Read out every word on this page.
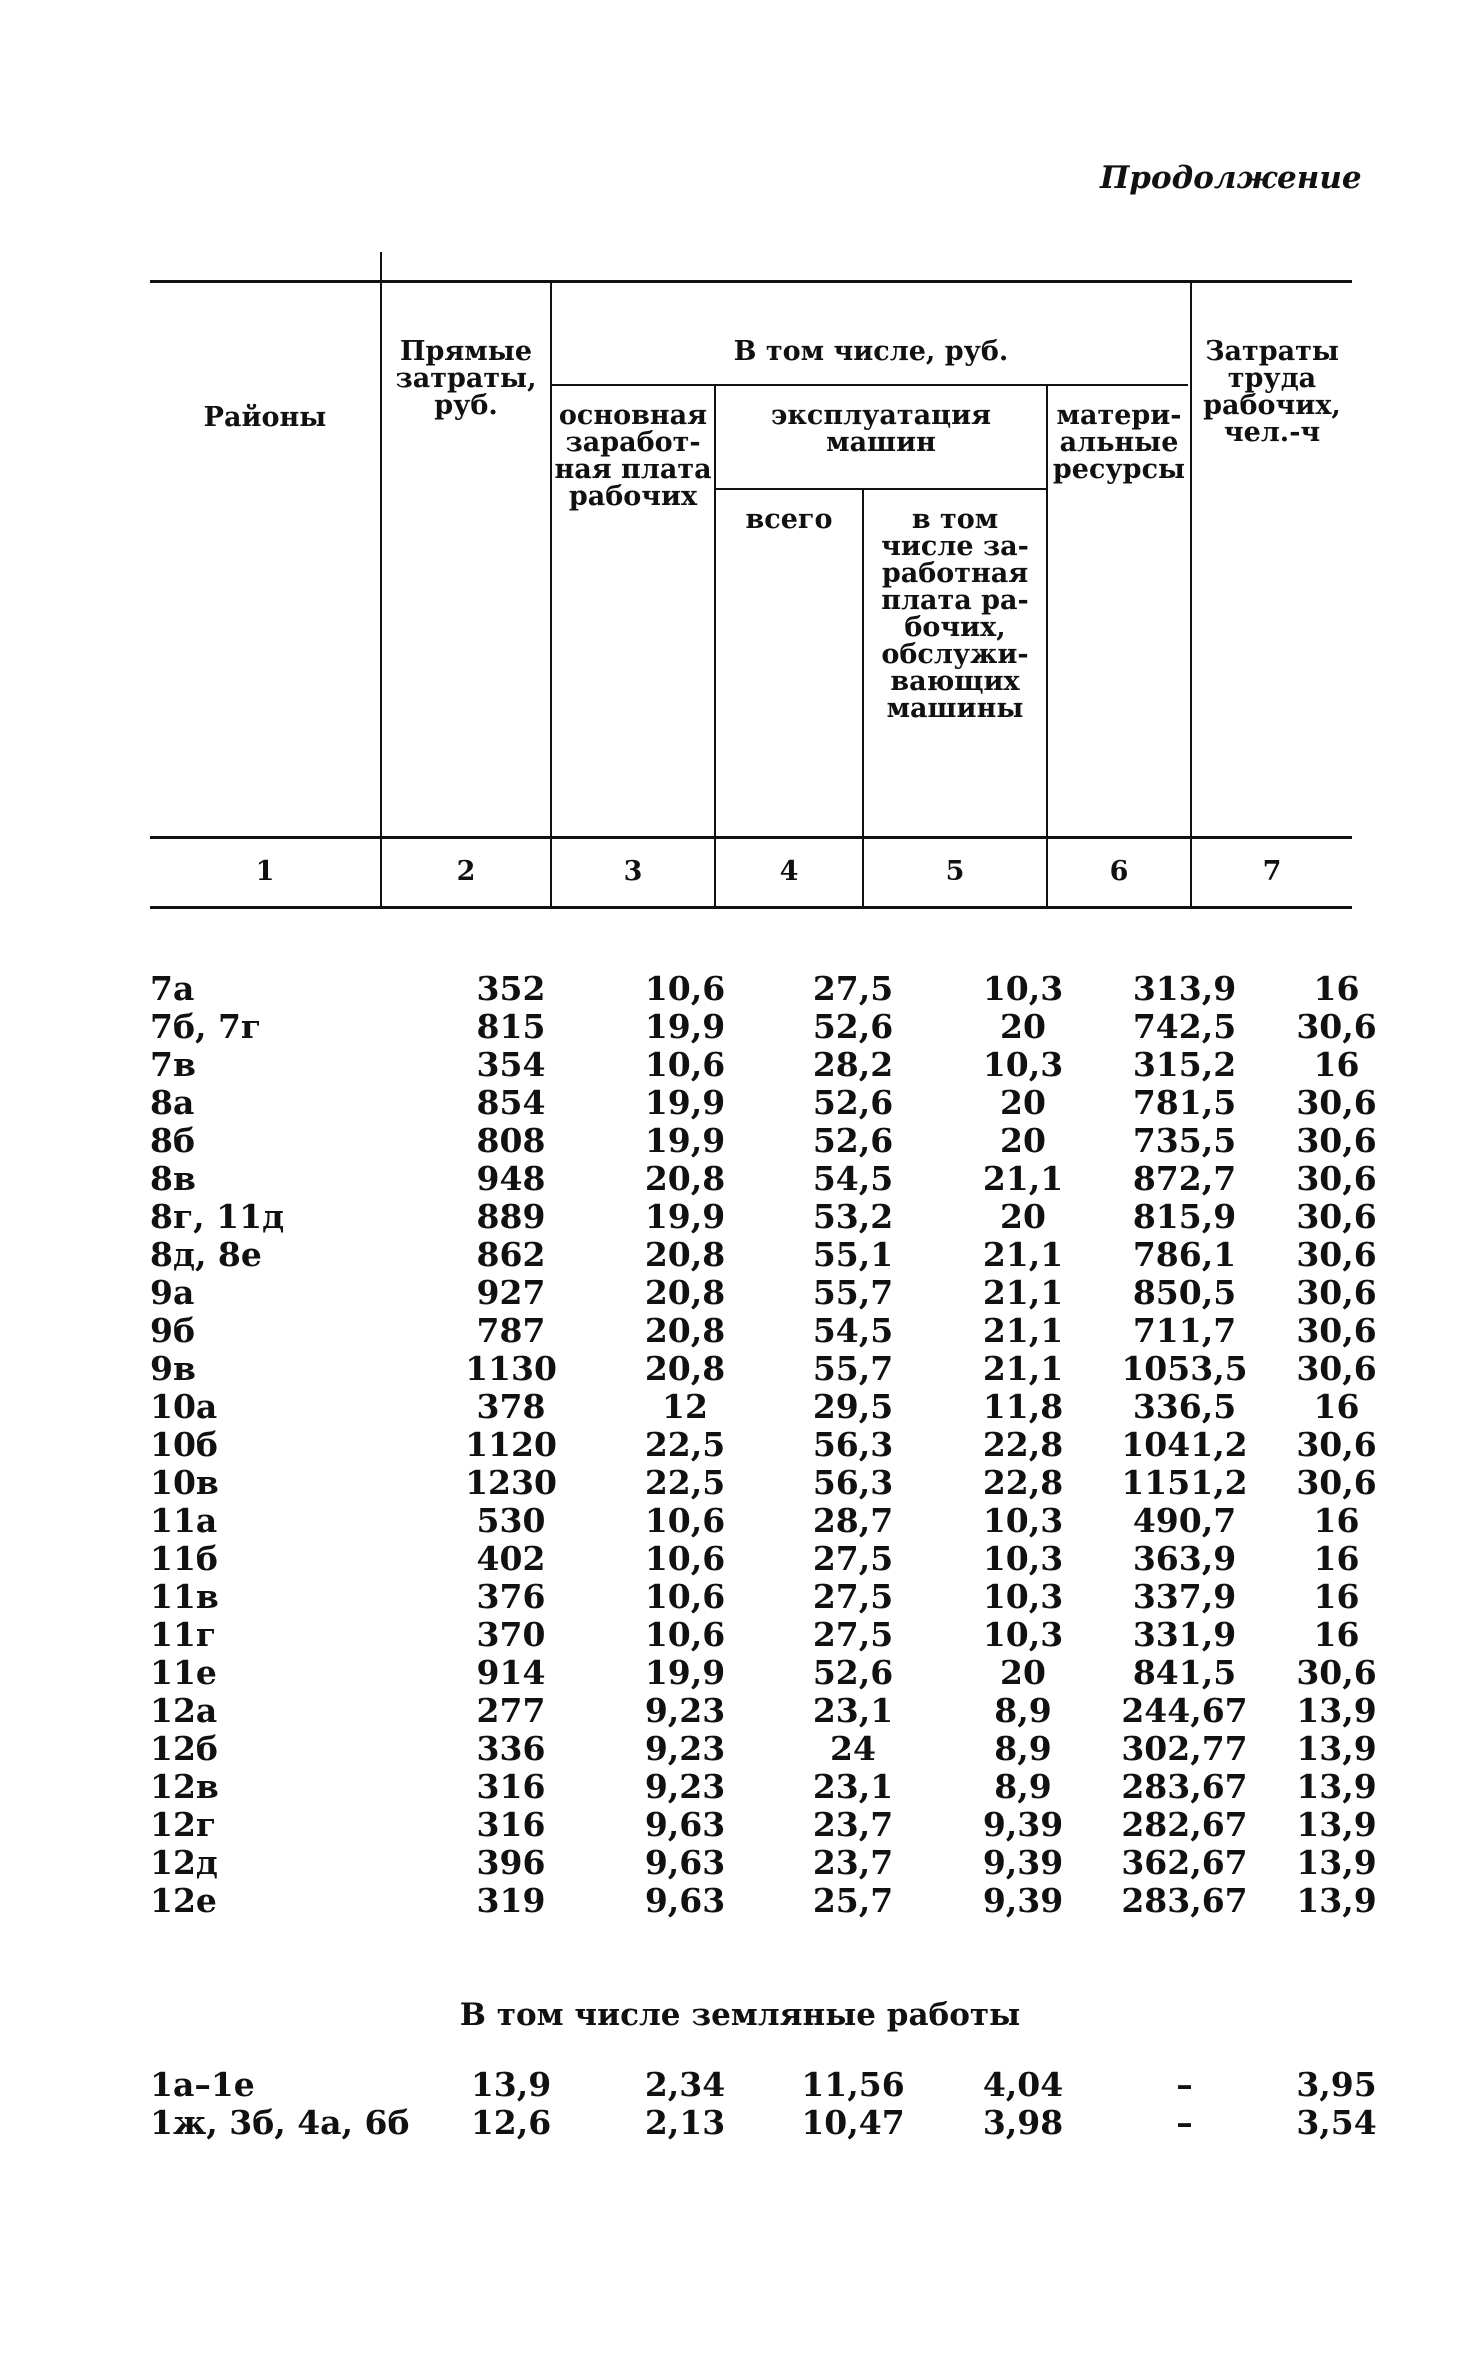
Продолжение
Районы
Прямые
затраты,
руб.
В том числе, руб.
основная
заработ-
ная плата
рабочих
эксплуатация
машин
всего	в том
числе за-
работная
плата ра-
бочих,
обслужи-
вающих
машины
матери-
альные
ресурсы
Затраты
труда
рабочих,
чел.-ч
1	2	3	4	5	6	7
7а	352	10,6	27,5	10,3	313,9	16
7б, 7г	815	19,9	52,6	20	742,5	30,6
7в	354	10,6	28,2	10,3	315,2	16
8а	854	19,9	52,6	20	781,5	30,6
8б	808	19,9	52,6	20	735,5	30,6
8в	948	20,8	54,5	21,1	872,7	30,6
8г, 11д	889	19,9	53,2	20	815,9	30,6
8д, 8е	862	20,8	55,1	21,1	786,1	30,6
9а	927	20,8	55,7	21,1	850,5	30,6
9б	787	20,8	54,5	21,1	711,7	30,6
9в	1130	20,8	55,7	21,1	1053,5	30,6
10а	378	12	29,5	11,8	336,5	16
10б	1120	22,5	56,3	22,8	1041,2	30,6
10в	1230	22,5	56,3	22,8	1151,2	30,6
11а	530	10,6	28,7	10,3	490,7	16
11б	402	10,6	27,5	10,3	363,9	16
11в	376	10,6	27,5	10,3	337,9	16
11г	370	10,6	27,5	10,3	331,9	16
11е	914	19,9	52,6	20	841,5	30,6
12а	277	9,23	23,1	8,9	244,67	13,9
12б	336	9,23	24	8,9	302,77	13,9
12в	316	9,23	23,1	8,9	283,67	13,9
12г	316	9,63	23,7	9,39	282,67	13,9
12д	396	9,63	23,7	9,39	362,67	13,9
12е	319	9,63	25,7	9,39	283,67	13,9
В том числе земляные работы
1а–1е	13,9	2,34	11,56	4,04	–	3,95
1ж, 3б, 4а, 6б	12,6	2,13	10,47	3,98	–	3,54
